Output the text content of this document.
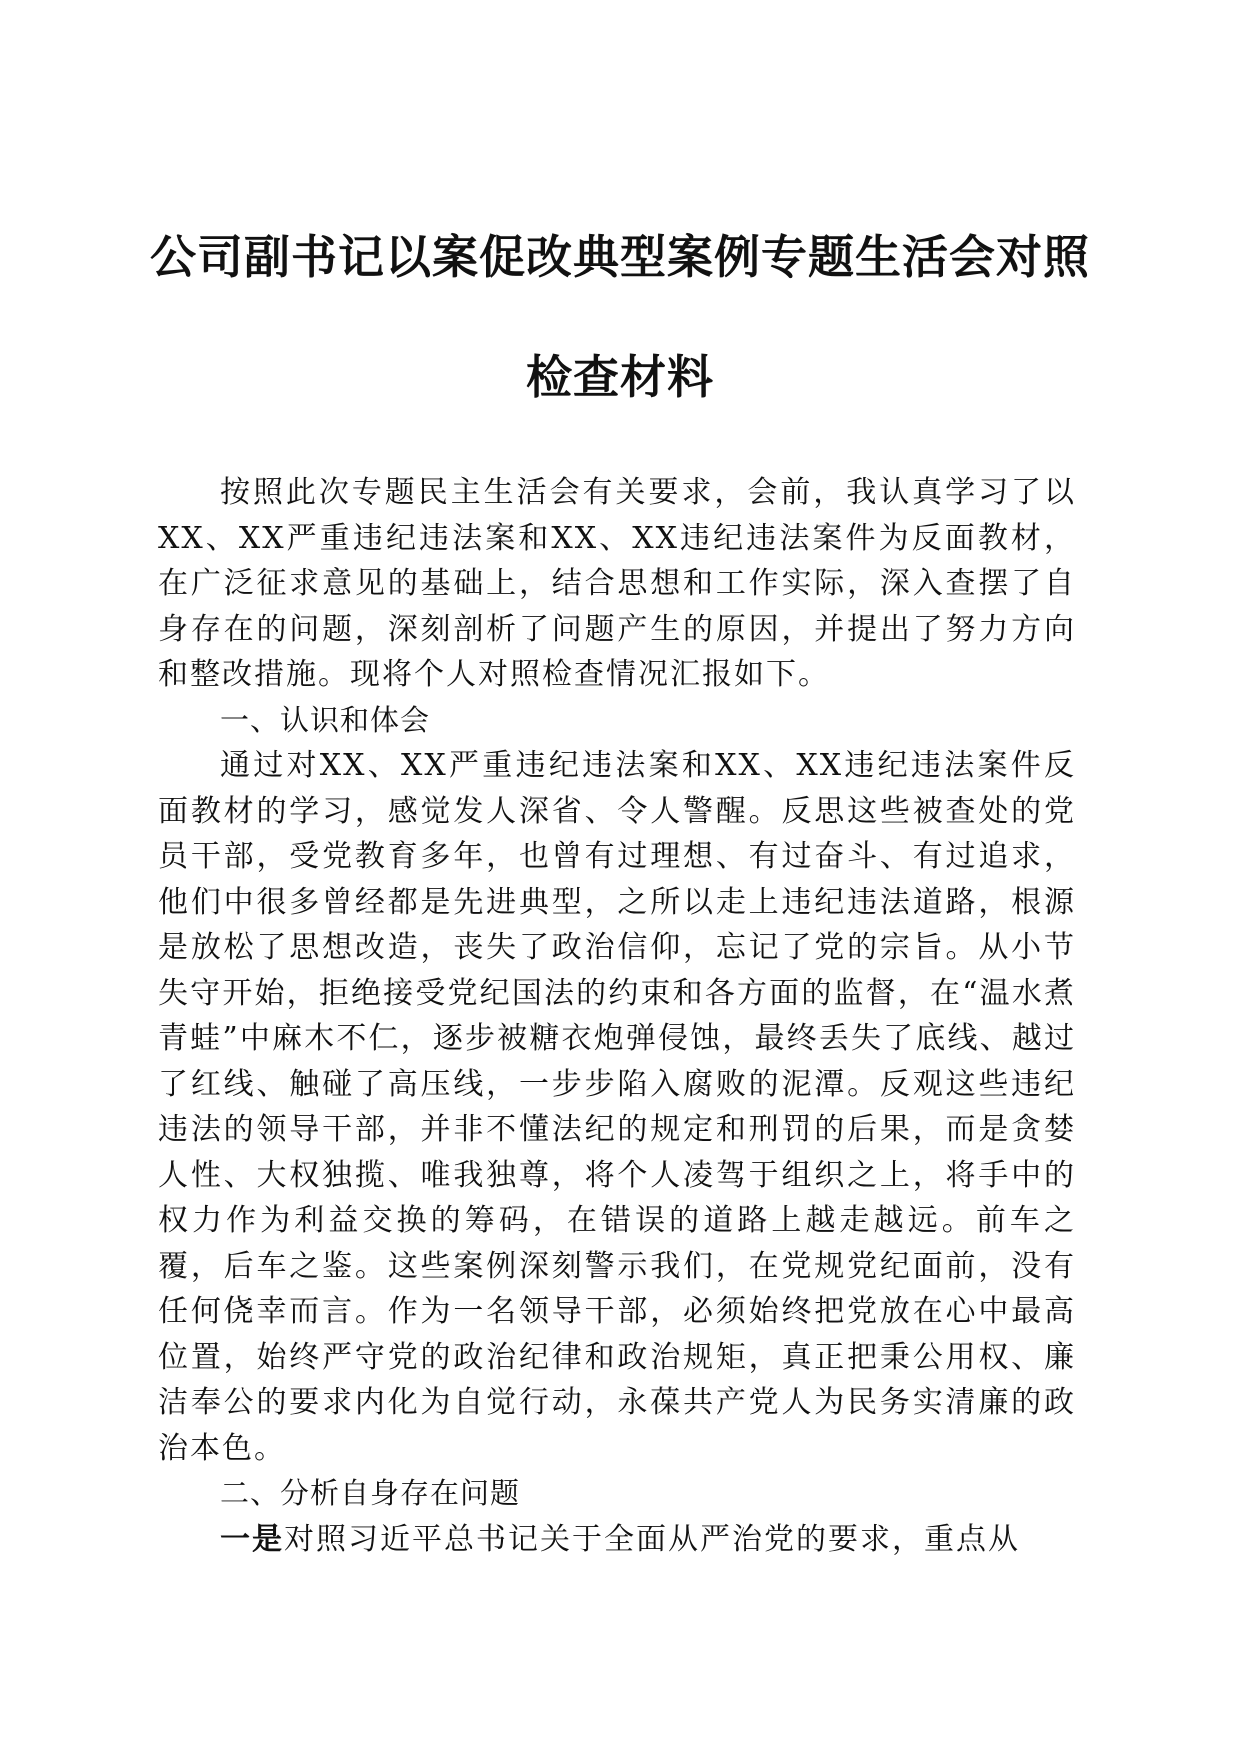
公司副书记以案促改典型案例专题生活会对照
检查材料

按照此次专题民主生活会有关要求，会前，我认真学习了以XX、XX严重违纪违法案和XX、XX违纪违法案件为反面教材，在广泛征求意见的基础上，结合思想和工作实际，深入查摆了自身存在的问题，深刻剖析了问题产生的原因，并提出了努力方向和整改措施。现将个人对照检查情况汇报如下。

一、认识和体会

通过对XX、XX严重违纪违法案和XX、XX违纪违法案件反面教材的学习，感觉发人深省、令人警醒。反思这些被查处的党员干部，受党教育多年，也曾有过理想、有过奋斗、有过追求，他们中很多曾经都是先进典型，之所以走上违纪违法道路，根源是放松了思想改造，丧失了政治信仰，忘记了党的宗旨。从小节失守开始，拒绝接受党纪国法的约束和各方面的监督，在“温水煮青蛙”中麻木不仁，逐步被糖衣炮弹侵蚀，最终丢失了底线、越过了红线、触碰了高压线，一步步陷入腐败的泥潭。反观这些违纪违法的领导干部，并非不懂法纪的规定和刑罚的后果，而是贪婪人性、大权独揽、唯我独尊，将个人凌驾于组织之上，将手中的权力作为利益交换的筹码，在错误的道路上越走越远。前车之覆，后车之鉴。这些案例深刻警示我们，在党规党纪面前，没有任何侥幸而言。作为一名领导干部，必须始终把党放在心中最高位置，始终严守党的政治纪律和政治规矩，真正把秉公用权、廉洁奉公的要求内化为自觉行动，永葆共产党人为民务实清廉的政治本色。

二、分析自身存在问题

一是对照习近平总书记关于全面从严治党的要求，重点从
